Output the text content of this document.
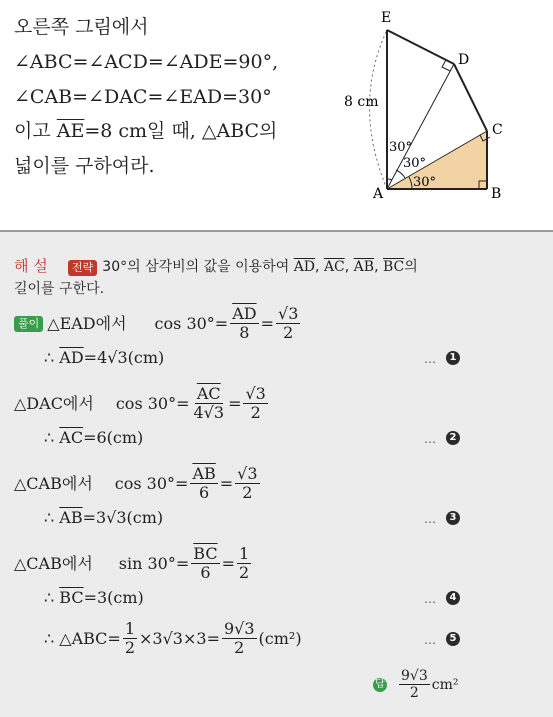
오른쪽 그림에서
∠ABC=∠ACD=∠ADE=90°,
∠CAB=∠DAC=∠EAD=30°
이고 $\overline{AE}=8$ cm일 때, △ABC의
넓이를 구하여라.
E
D
C
A	B
8 cm
30°
30°
30°
해 설 전략 30°의 삼각비의 값을 이용하여 $\overline{AD}$, $\overline{AC}$, $\overline{AB}$, $\overline{BC}$의
길이를 구한다.
풀이 △EAD에서 $\cos 30^\circ= \frac{\overline{AD}}{8} = \frac{√3}{2}$
∴ $\overline{AD}=4√3(cm)$	…	1
△DAC에서 $\cos 30^\circ= \frac{\overline{AC}}{4√3} = \frac{√3}{2}$
∴ $\overline{AC}=6(cm)$	…	2
△CAB에서 $\cos 30^\circ= \frac{\overline{AB}}{6} = \frac{√3}{2}$
∴ $\overline{AB}=3√3(cm)$	…	3
△CAB에서 $\sin 30^\circ= \frac{\overline{BC}}{6} = \frac{1}{2}$
∴ $\overline{BC}=3(cm)$	…	4
∴ △ABC= $\frac{1}{2} \times 3√3\times 3= \frac{9√3}{2} (cm^2)$	…	5
답 $\frac{9√3}{2} cm^2$
